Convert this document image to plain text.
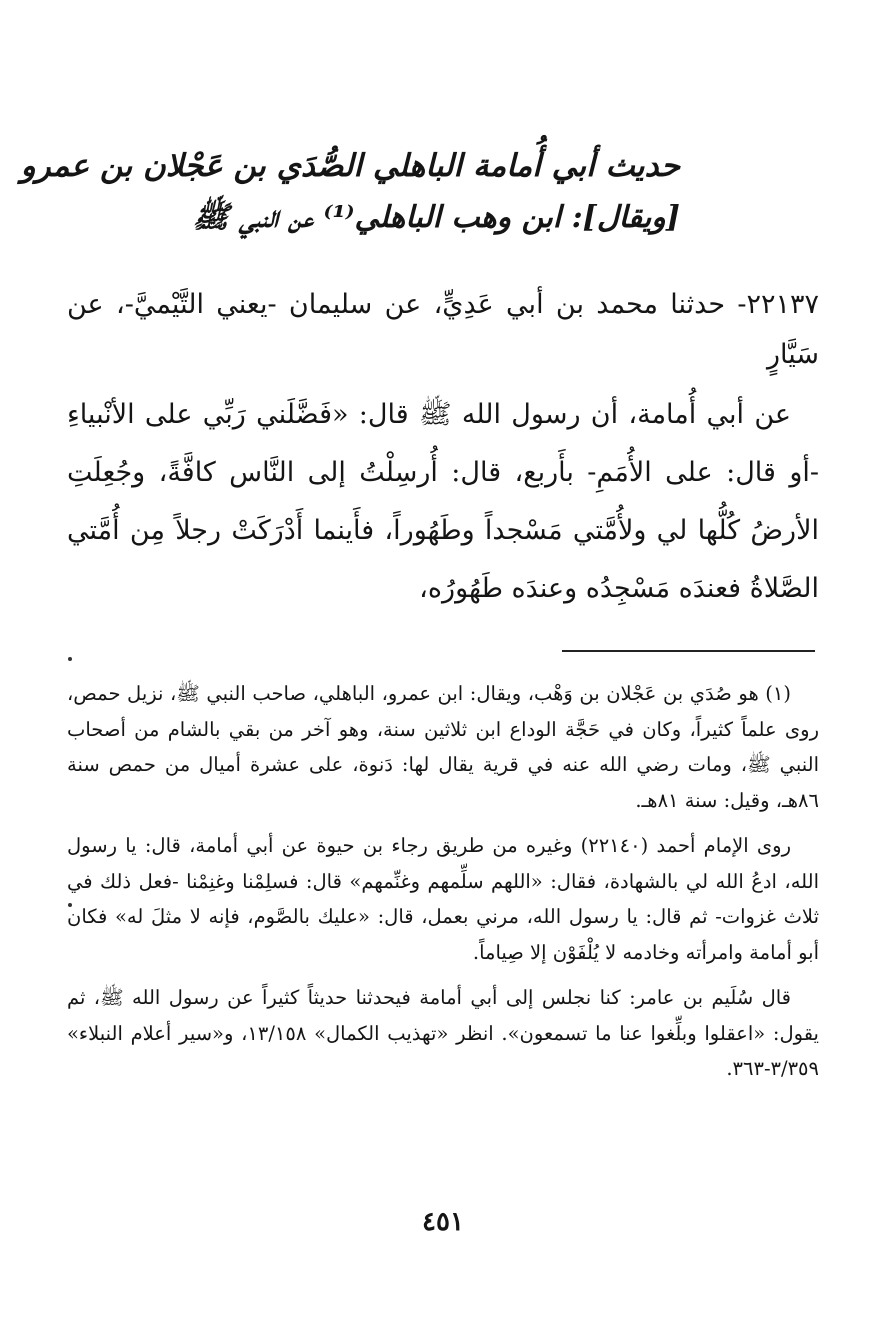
حديث أبي أُمامة الباهلي الصُّدَي بن عَجْلان بن عمرو
[ويقال]: ابن وهب الباهلي⁽¹⁾ عن النبي ﷺ

٢٢١٣٧- حدثنا محمد بن أبي عَدِيٍّ، عن سليمان -يعني التَّيْميَّ-، عن سَيَّارٍ

عن أبي أُمامة، أن رسول الله ﷺ قال: «فَضَّلَني رَبِّي على الأنْبياءِ -أو قال: على الأُمَمِ- بأَربع، قال: أُرسِلْتُ إلى النَّاس كافَّةً، وجُعِلَتِ الأرضُ كُلُّها لي ولأُمَّتي مَسْجداً وطَهُوراً، فأَينما أَدْرَكَتْ رجلاً مِن أُمَّتي الصَّلاةُ فعندَه مَسْجِدُه وعندَه طَهُورُه،

(١) هو صُدَي بن عَجْلان بن وَهْب، ويقال: ابن عمرو، الباهلي، صاحب النبي ﷺ، نزيل حمص، روى علماً كثيراً، وكان في حَجَّة الوداع ابن ثلاثين سنة، وهو آخر من بقي بالشام من أصحاب النبي ﷺ، ومات رضي الله عنه في قرية يقال لها: دَنوة، على عشرة أميال من حمص سنة ٨٦هـ، وقيل: سنة ٨١هـ.

روى الإمام أحمد (٢٢١٤٠) وغيره من طريق رجاء بن حيوة عن أبي أمامة، قال: يا رسول الله، ادعُ الله لي بالشهادة، فقال: «اللهم سلِّمهم وغنِّمهم» قال: فسلِمْنا وغنِمْنا -فعل ذلك في ثلاث غزوات- ثم قال: يا رسول الله، مرني بعمل، قال: «عليك بالصَّوم، فإنه لا مثلَ له» فكان أبو أمامة وامرأته وخادمه لا يُلْفَوْن إلا صِياماً.

قال سُلَيم بن عامر: كنا نجلس إلى أبي أمامة فيحدثنا حديثاً كثيراً عن رسول الله ﷺ، ثم يقول: «اعقلوا وبلِّغوا عنا ما تسمعون». انظر «تهذيب الكمال» ١٣/١٥٨، و«سير أعلام النبلاء» ٣/٣٥٩-٣٦٣.

٤٥١
